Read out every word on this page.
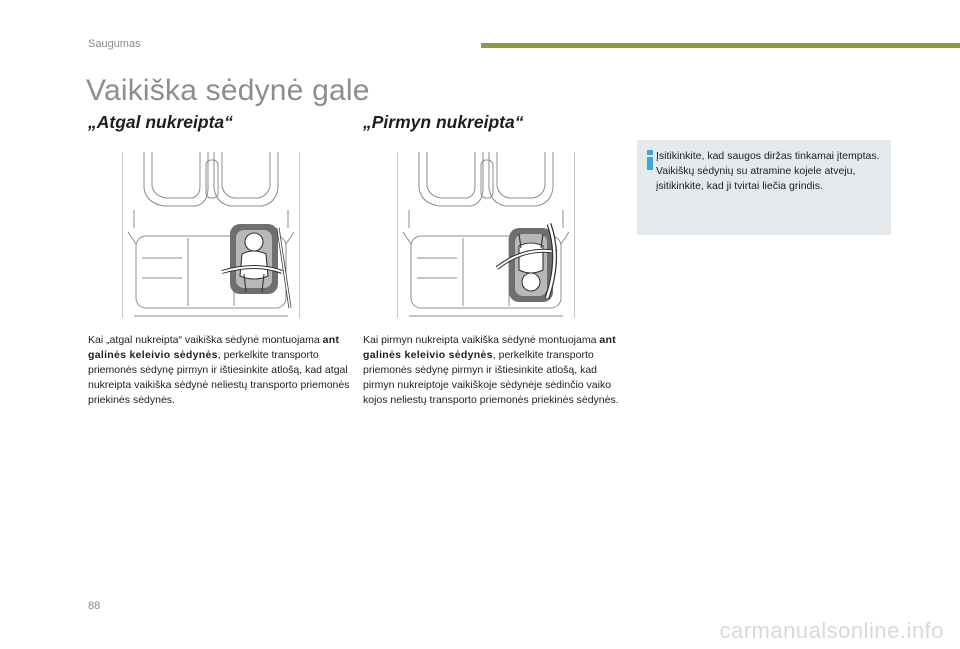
Saugumas
Vaikiška sėdynė gale
„Atgal nukreipta“	„Pirmyn nukreipta“

Kai „atgal nukreipta“ vaikiška sėdynė montuojama ant galinės keleivio sėdynės, perkelkite transporto priemonės sėdynę pirmyn ir ištiesinkite atlošą, kad atgal nukreipta vaikiška sėdynė neliestų transporto priemonės priekinės sėdynės.

Kai pirmyn nukreipta vaikiška sėdynė montuojama ant galinės keleivio sėdynės, perkelkite transporto priemonės sėdynę pirmyn ir ištiesinkite atlošą, kad pirmyn nukreiptoje vaikiškoje sėdynėje sėdinčio vaiko kojos neliestų transporto priemonės priekinės sėdynės.

Įsitikinkite, kad saugos diržas tinkamai įtemptas. Vaikiškų sėdynių su atramine kojele atveju, įsitikinkite, kad ji tvirtai liečia grindis.

88
carmanualsonline.info
